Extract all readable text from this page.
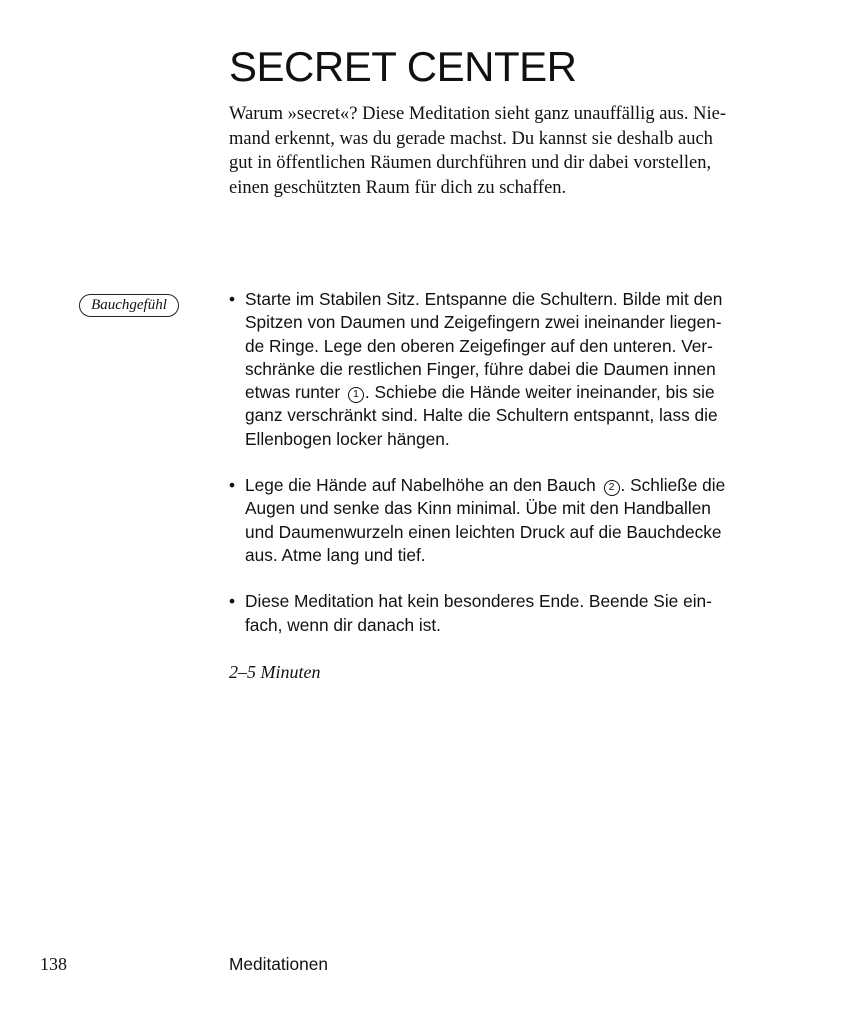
SECRET CENTER
Warum »secret«? Diese Meditation sieht ganz unauffällig aus. Nie-
mand erkennt, was du gerade machst. Du kannst sie deshalb auch
gut in öffentlichen Räumen durchführen und dir dabei vorstellen,
einen geschützten Raum für dich zu schaffen.
Bauchgefühl	• Starte im Stabilen Sitz. Entspanne die Schultern. Bilde mit den
Spitzen von Daumen und Zeigefingern zwei ineinander liegen-
de Ringe. Lege den oberen Zeigefinger auf den unteren. Ver-
schränke die restlichen Finger, führe dabei die Daumen innen
etwas runter 1 . Schiebe die Hände weiter ineinander, bis sie
ganz verschränkt sind. Halte die Schultern entspannt, lass die
Ellenbogen locker hängen.
• Lege die Hände auf Nabelhöhe an den Bauch 2 . Schließe die
Augen und senke das Kinn minimal. Übe mit den Handballen
und Daumenwurzeln einen leichten Druck auf die Bauchdecke
aus. Atme lang und tief.
• Diese Meditation hat kein besonderes Ende. Beende Sie ein-
fach, wenn dir danach ist.
2–5 Minuten
138	Meditationen
